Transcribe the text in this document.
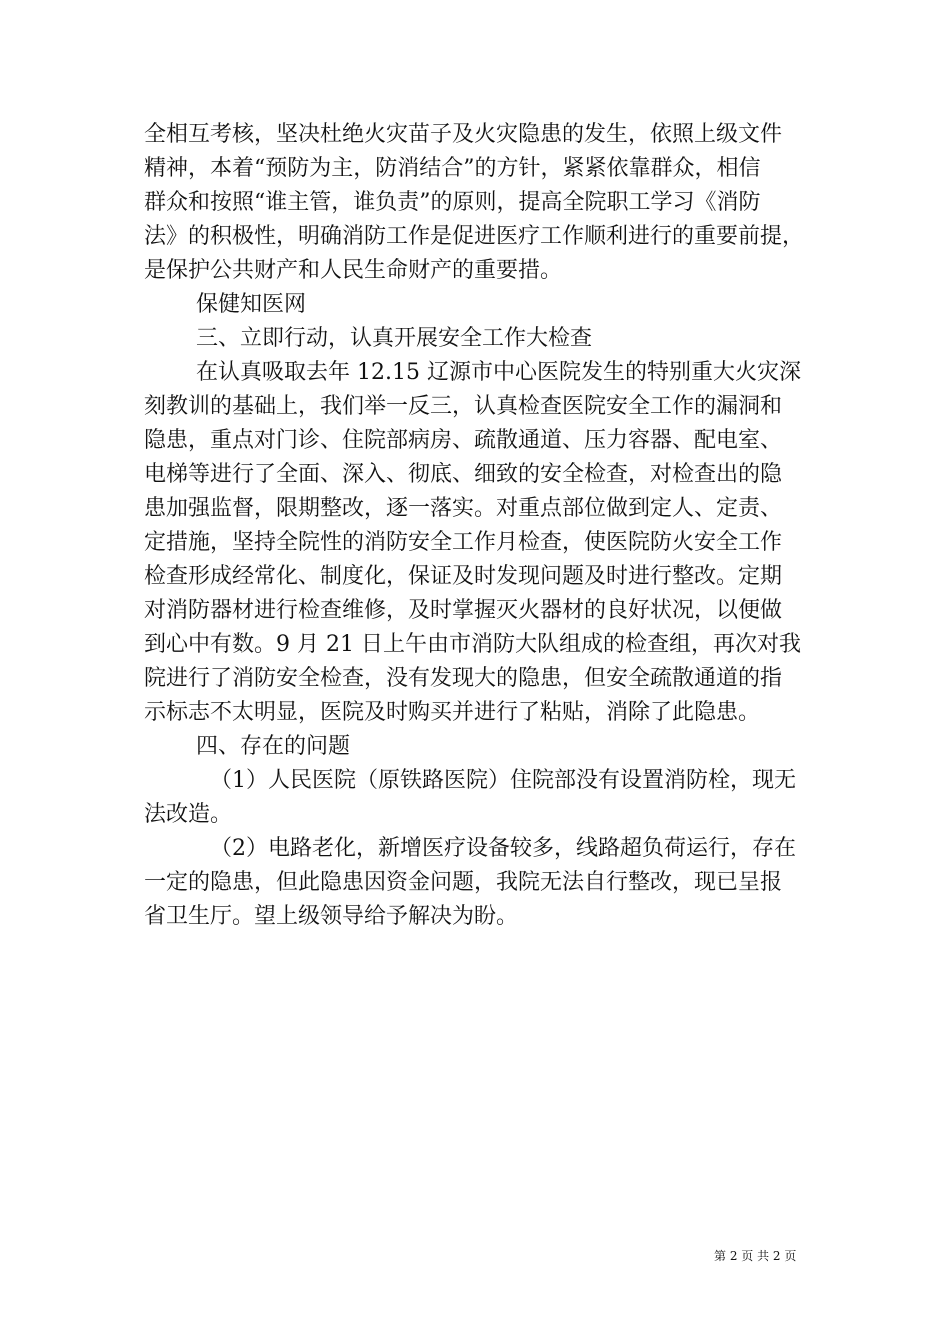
全相互考核，坚决杜绝火灾苗子及火灾隐患的发生，依照上级文件

精神，本着“预防为主，防消结合”的方针，紧紧依靠群众，相信

群众和按照“谁主管，谁负责”的原则，提高全院职工学习《消防

法》的积极性，明确消防工作是促进医疗工作顺利进行的重要前提，

是保护公共财产和人民生命财产的重要措。

保健知医网

三、立即行动，认真开展安全工作大检查

在认真吸取去年 12.15 辽源市中心医院发生的特别重大火灾深

刻教训的基础上，我们举一反三，认真检查医院安全工作的漏洞和

隐患，重点对门诊、住院部病房、疏散通道、压力容器、配电室、

电梯等进行了全面、深入、彻底、细致的安全检查，对检查出的隐

患加强监督，限期整改，逐一落实。对重点部位做到定人、定责、

定措施，坚持全院性的消防安全工作月检查，使医院防火安全工作

检查形成经常化、制度化，保证及时发现问题及时进行整改。定期

对消防器材进行检查维修，及时掌握灭火器材的良好状况，以便做

到心中有数。9 月 21 日上午由市消防大队组成的检查组，再次对我

院进行了消防安全检查，没有发现大的隐患，但安全疏散通道的指

示标志不太明显，医院及时购买并进行了粘贴，消除了此隐患。

四、存在的问题

（1）人民医院（原铁路医院）住院部没有设置消防栓，现无

法改造。

（2）电路老化，新增医疗设备较多，线路超负荷运行，存在

一定的隐患，但此隐患因资金问题，我院无法自行整改，现已呈报

省卫生厅。望上级领导给予解决为盼。

第 2 页 共 2 页
